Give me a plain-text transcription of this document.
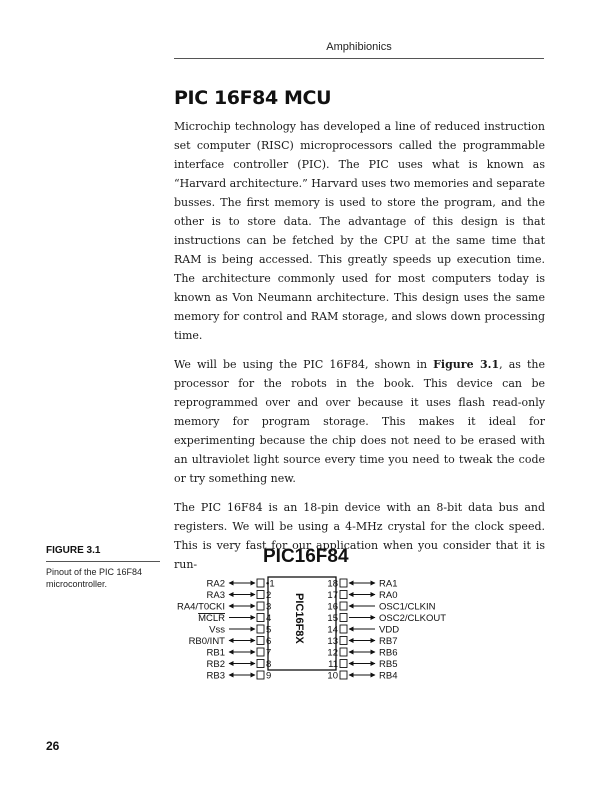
Amphibionics
PIC 16F84 MCU

Microchip technology has developed a line of reduced instruction set computer (RISC) microprocessors called the programmable interface controller (PIC). The PIC uses what is known as “Harvard architecture.” Harvard uses two memories and separate busses. The first memory is used to store the program, and the other is to store data. The advantage of this design is that instructions can be fetched by the CPU at the same time that RAM is being accessed. This greatly speeds up execution time. The architecture commonly used for most computers today is known as Von Neumann architecture. This design uses the same memory for control and RAM storage, and slows down processing time.

We will be using the PIC 16F84, shown in Figure 3.1, as the processor for the robots in the book. This device can be reprogrammed over and over because it uses flash read-only memory for program storage. This makes it ideal for experimenting because the chip does not need to be erased with an ultraviolet light source every time you need to tweak the code or try something new.

The PIC 16F84 is an 18-pin device with an 8-bit data bus and registers. We will be using a 4-MHz crystal for the clock speed. This is very fast for our application when you consider that it is run-

FIGURE 3.1
Pinout of the PIC 16F84 microcontroller.
PIC16F84
PIC16F8X
RA2	•1
RA3	2
RA4/T0CKI	3
MCLR	4
Vss	5
RB0/INT	6
RB1	7
RB2	8
RB3	9
18	RA1
17	RA0
16	OSC1/CLKIN
15	OSC2/CLKOUT
14	VDD
13	RB7
12	RB6
11	RB5
10	RB4
26
